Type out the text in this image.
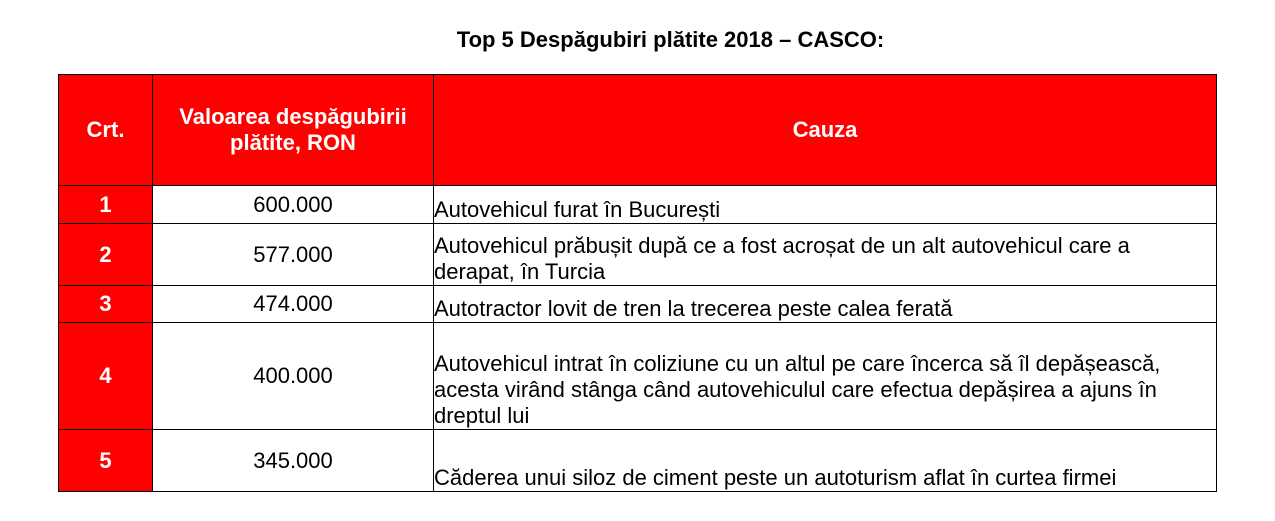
Top 5 Despăgubiri plătite 2018 – CASCO:
Crt.	Valoarea despăgubirii plătite, RON	Cauza
1	600.000	Autovehicul furat în București
2	577.000	Autovehicul prăbușit după ce a fost acroșat de un alt autovehicul care a derapat, în Turcia
3	474.000	Autotractor lovit de tren la trecerea peste calea ferată
4	400.000	Autovehicul intrat în coliziune cu un altul pe care încerca să îl depășească, acesta virând stânga când autovehiculul care efectua depășirea a ajuns în dreptul lui
5	345.000	Căderea unui siloz de ciment peste un autoturism aflat în curtea firmei
